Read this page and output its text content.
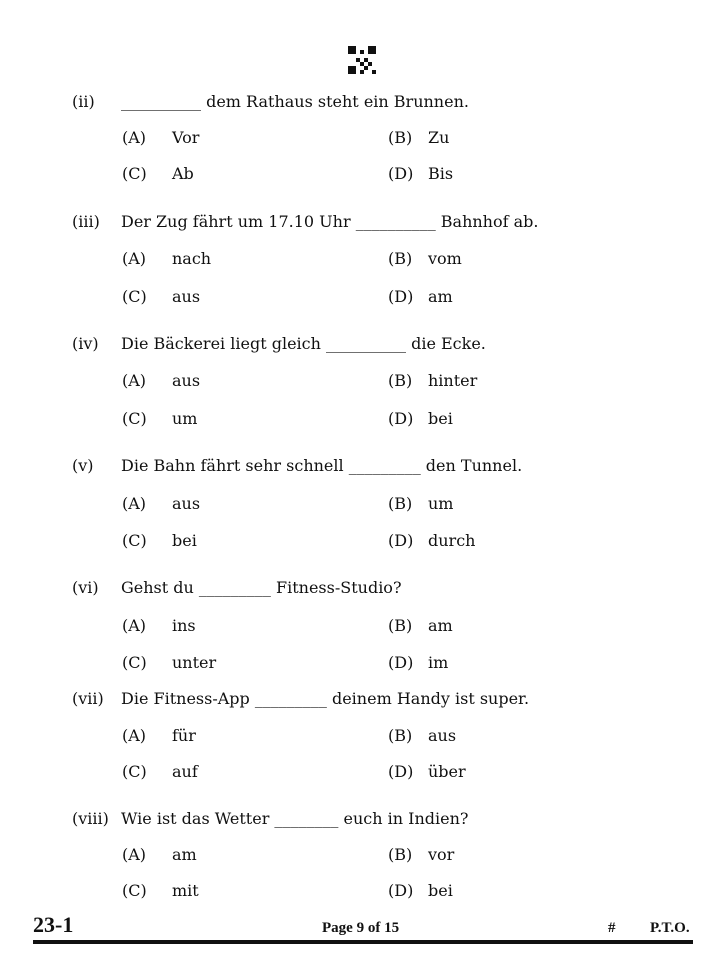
(ii) __________ dem Rathaus steht ein Brunnen.
(A) Vor	(B) Zu
(C) Ab	(D) Bis
(iii) Der Zug fährt um 17.10 Uhr __________ Bahnhof ab.
(A) nach	(B) vom
(C) aus	(D) am
(iv) Die Bäckerei liegt gleich __________ die Ecke.
(A) aus	(B) hinter
(C) um	(D) bei
(v) Die Bahn fährt sehr schnell _________ den Tunnel.
(A) aus	(B) um
(C) bei	(D) durch
(vi) Gehst du _________ Fitness-Studio?
(A) ins	(B) am
(C) unter	(D) im
(vii) Die Fitness-App _________ deinem Handy ist super.
(A) für	(B) aus
(C) auf	(D) über
(viii) Wie ist das Wetter ________ euch in Indien?
(A) am	(B) vor
(C) mit	(D) bei
23-1	Page 9 of 15	# P.T.O.
